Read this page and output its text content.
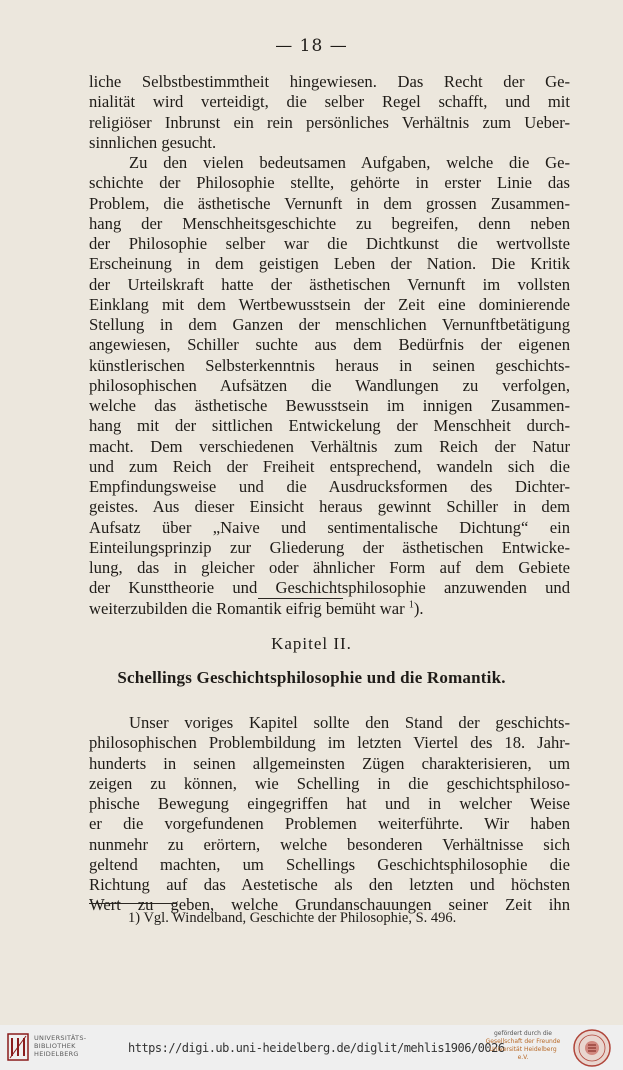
— 18 —
liche Selbstbestimmtheit hingewiesen. Das Recht der Ge-
nialität wird verteidigt, die selber Regel schafft, und mit
religiöser Inbrunst ein rein persönliches Verhältnis zum Ueber-
sinnlichen gesucht.
Zu den vielen bedeutsamen Aufgaben, welche die Ge-
schichte der Philosophie stellte, gehörte in erster Linie das
Problem, die ästhetische Vernunft in dem grossen Zusammen-
hang der Menschheitsgeschichte zu begreifen, denn neben
der Philosophie selber war die Dichtkunst die wertvollste
Erscheinung in dem geistigen Leben der Nation. Die Kritik
der Urteilskraft hatte der ästhetischen Vernunft im vollsten
Einklang mit dem Wertbewusstsein der Zeit eine dominierende
Stellung in dem Ganzen der menschlichen Vernunftbetätigung
angewiesen, Schiller suchte aus dem Bedürfnis der eigenen
künstlerischen Selbsterkenntnis heraus in seinen geschichts-
philosophischen Aufsätzen die Wandlungen zu verfolgen,
welche das ästhetische Bewusstsein im innigen Zusammen-
hang mit der sittlichen Entwickelung der Menschheit durch-
macht. Dem verschiedenen Verhältnis zum Reich der Natur
und zum Reich der Freiheit entsprechend, wandeln sich die
Empfindungsweise und die Ausdrucksformen des Dichter-
geistes. Aus dieser Einsicht heraus gewinnt Schiller in dem
Aufsatz über „Naive und sentimentalische Dichtung“ ein
Einteilungsprinzip zur Gliederung der ästhetischen Entwicke-
lung, das in gleicher oder ähnlicher Form auf dem Gebiete
der Kunsttheorie und Geschichtsphilosophie anzuwenden und
weiterzubilden die Romantik eifrig bemüht war $^1$).
Kapitel II.
Schellings Geschichtsphilosophie und die Romantik.
Unser voriges Kapitel sollte den Stand der geschichts-
philosophischen Problembildung im letzten Viertel des 18. Jahr-
hunderts in seinen allgemeinsten Zügen charakterisieren, um
zeigen zu können, wie Schelling in die geschichtsphiloso-
phische Bewegung eingegriffen hat und in welcher Weise
er die vorgefundenen Problemen weiterführte. Wir haben
nunmehr zu erörtern, welche besonderen Verhältnisse sich
geltend machten, um Schellings Geschichtsphilosophie die
Richtung auf das Aestetische als den letzten und höchsten
Wert zu geben, welche Grundanschauungen seiner Zeit ihn
1) Vgl. Windelband, Geschichte der Philosophie, S. 496.
UNIVERSITÄTS-
BIBLIOTHEK
HEIDELBERG	https://digi.ub.uni-heidelberg.de/diglit/mehlis1906/0026
gefördert durch die
Gesellschaft der Freunde
Universität Heidelberg e.V.
